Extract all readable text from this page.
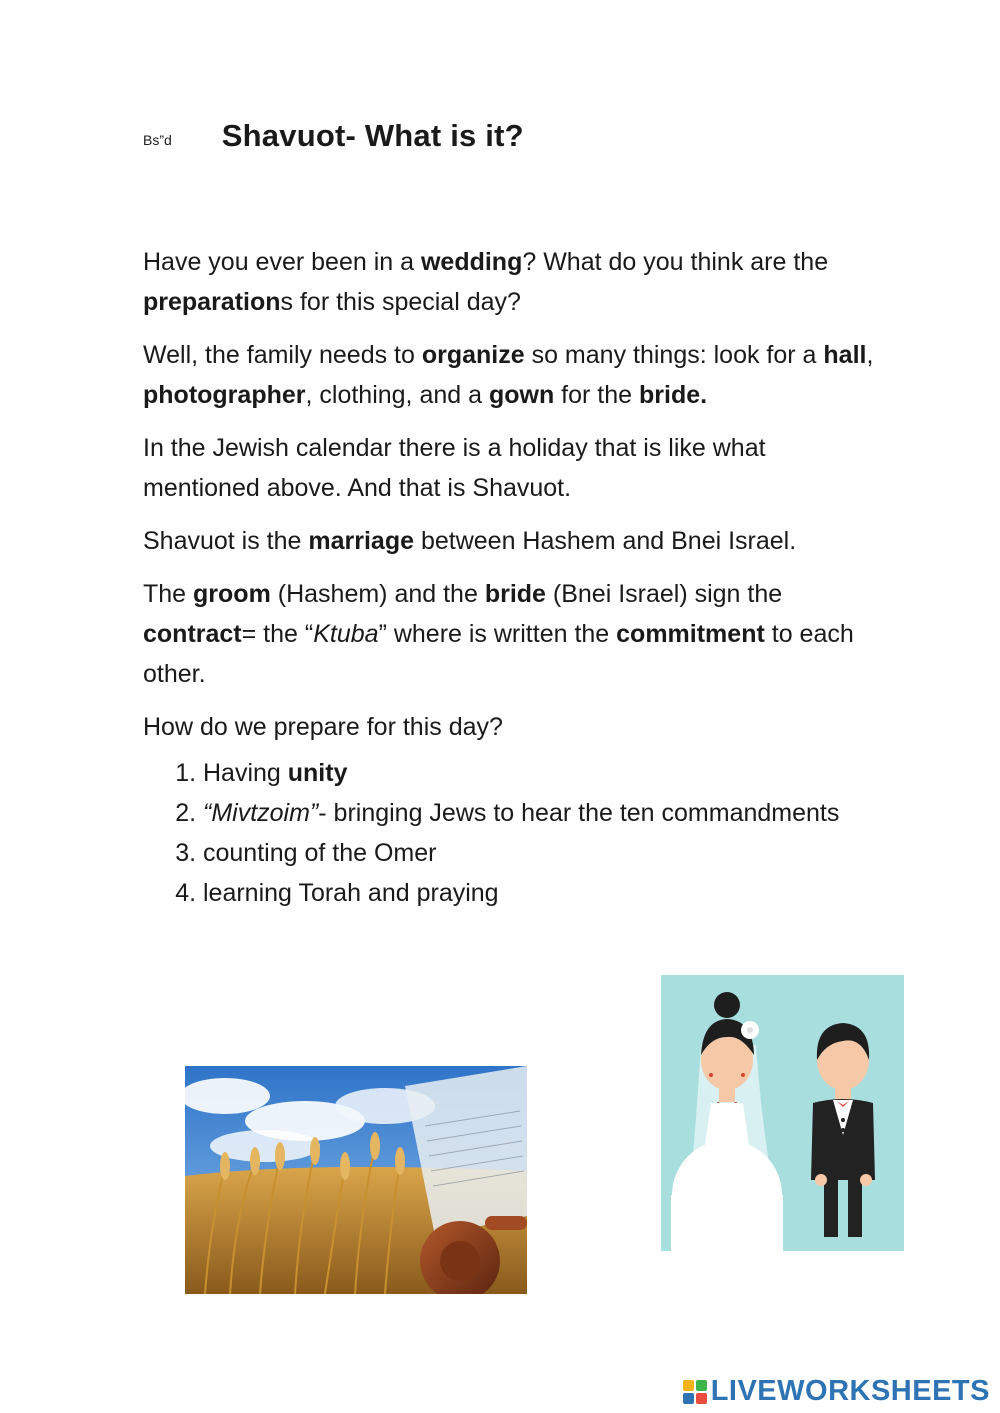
Bs”d Shavuot- What is it?

Have you ever been in a wedding? What do you think are the preparations for this special day?

Well, the family needs to organize so many things: look for a hall, photographer, clothing, and a gown for the bride.

In the Jewish calendar there is a holiday that is like what mentioned above. And that is Shavuot.

Shavuot is the marriage between Hashem and Bnei Israel.

The groom (Hashem) and the bride (Bnei Israel) sign the contract= the “Ktuba” where is written the commitment to each other.

How do we prepare for this day?

1. Having unity
2. “Mivtzoim”- bringing Jews to hear the ten commandments
3. counting of the Omer
4. learning Torah and praying
LIVEWORKSHEETS
